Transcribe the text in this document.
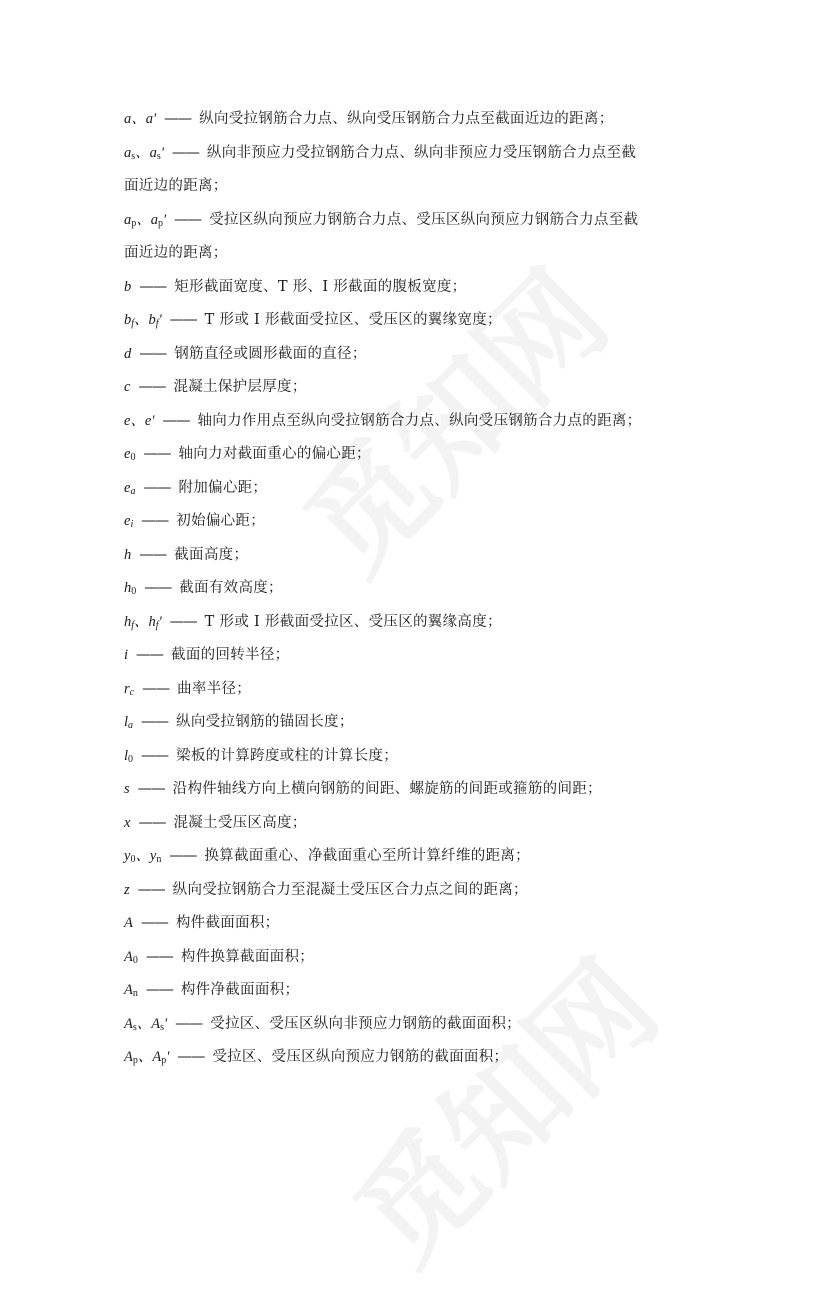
a、a' —— 纵向受拉钢筋合力点、纵向受压钢筋合力点至截面近边的距离；
$a_s$、$a_s'$ —— 纵向非预应力受拉钢筋合力点、纵向非预应力受压钢筋合力点至截
面近边的距离；
$a_p$、$a_p'$ —— 受拉区纵向预应力钢筋合力点、受压区纵向预应力钢筋合力点至截
面近边的距离；
b —— 矩形截面宽度、T 形、I 形截面的腹板宽度；
$b_f$、$b_f'$ —— T 形或 I 形截面受拉区、受压区的翼缘宽度；
d —— 钢筋直径或圆形截面的直径；
c —— 混凝土保护层厚度；
e、e' —— 轴向力作用点至纵向受拉钢筋合力点、纵向受压钢筋合力点的距离；
$e_0$ —— 轴向力对截面重心的偏心距；
$e_a$ —— 附加偏心距；
$e_i$ —— 初始偏心距；
h —— 截面高度；
$h_0$ —— 截面有效高度；
$h_f$、$h_f'$ —— T 形或 I 形截面受拉区、受压区的翼缘高度；
i —— 截面的回转半径；
$r_c$ —— 曲率半径；
$l_a$ —— 纵向受拉钢筋的锚固长度；
$l_0$ —— 梁板的计算跨度或柱的计算长度；
s —— 沿构件轴线方向上横向钢筋的间距、螺旋筋的间距或箍筋的间距；
x —— 混凝土受压区高度；
$y_0$、$y_n$ —— 换算截面重心、净截面重心至所计算纤维的距离；
z —— 纵向受拉钢筋合力至混凝土受压区合力点之间的距离；
A —— 构件截面面积；
$A_0$ —— 构件换算截面面积；
$A_n$ —— 构件净截面面积；
$A_s$、$A_s'$ —— 受拉区、受压区纵向非预应力钢筋的截面面积；
$A_p$、$A_p'$ —— 受拉区、受压区纵向预应力钢筋的截面面积；
